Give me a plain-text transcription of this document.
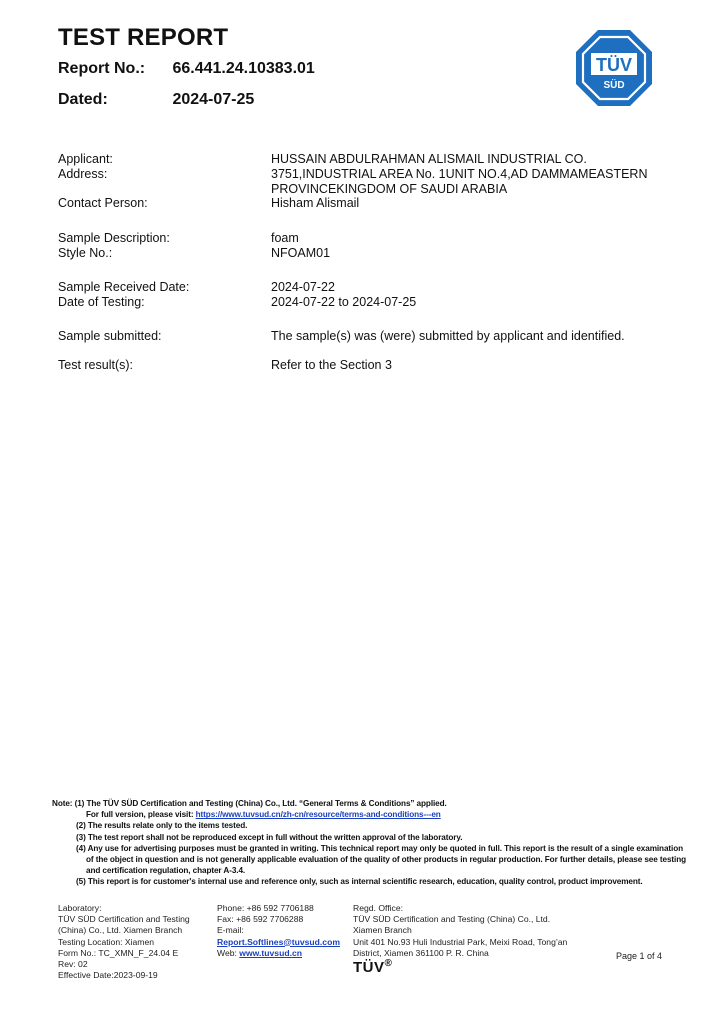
TEST REPORT
Report No.: 66.441.24.10383.01
Dated:	2024-07-25
TÜV
SÜD
Applicant:	HUSSAIN ABDULRAHMAN ALISMAIL INDUSTRIAL CO.
Address:	3751,INDUSTRIAL AREA No. 1UNIT NO.4,AD DAMMAMEASTERN
PROVINCEKINGDOM OF SAUDI ARABIA
Contact Person:	Hisham Alismail
Sample Description:	foam
Style No.:	NFOAM01
Sample Received Date:	2024-07-22
Date of Testing:	2024-07-22 to 2024-07-25
Sample submitted:	The sample(s) was (were) submitted by applicant and identified.
Test result(s):	Refer to the Section 3
Note: (1) The TÜV SÜD Certification and Testing (China) Co., Ltd. “General Terms & Conditions” applied.
For full version, please visit: https://www.tuvsud.cn/zh-cn/resource/terms-and-conditions---en
(2) The results relate only to the items tested.
(3) The test report shall not be reproduced except in full without the written approval of the laboratory.
(4) Any use for advertising purposes must be granted in writing. This technical report may only be quoted in full. This report is the result of a single examination
of the object in question and is not generally applicable evaluation of the quality of other products in regular production. For further details, please see testing
and certification regulation, chapter A-3.4.
(5) This report is for customer's internal use and reference only, such as internal scientific research, education, quality control, product improvement.
Laboratory:
TÜV SÜD Certification and Testing
(China) Co., Ltd. Xiamen Branch
Testing Location: Xiamen
Form No.: TC_XMN_F_24.04 E
Rev: 02
Effective Date:2023-09-19
Phone: +86 592 7706188
Fax: +86 592 7706288
E-mail:
Report.Softlines@tuvsud.com
Web: www.tuvsud.cn
Regd. Office:
TÜV SÜD Certification and Testing (China) Co., Ltd.
Xiamen Branch
Unit 401 No.93 Huli Industrial Park, Meixi Road, Tong’an
District, Xiamen 361100 P. R. China
TÜV®
Page 1 of 4
